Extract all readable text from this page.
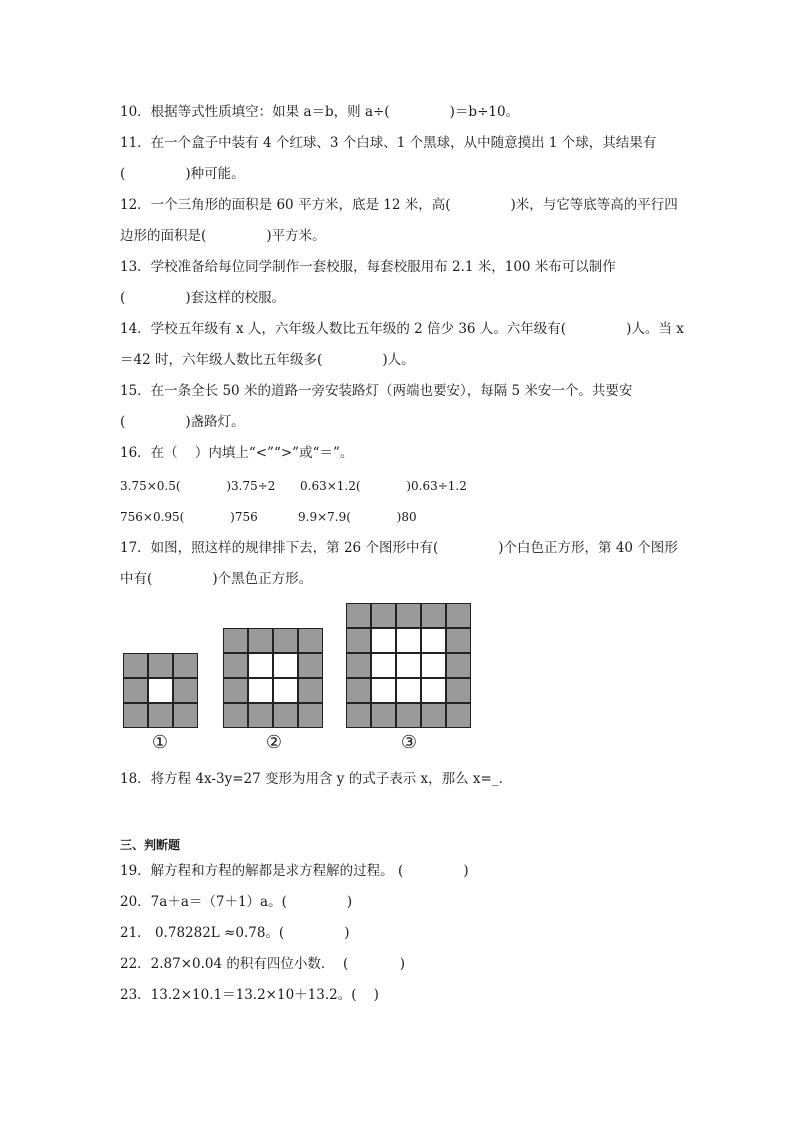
10．根据等式性质填空：如果 a＝b，则 a÷(              )＝b÷10。
11．在一个盒子中装有 4 个红球、3 个白球、1 个黑球，从中随意摸出 1 个球，其结果有
(              )种可能。
12．一个三角形的面积是 60 平方米，底是 12 米，高(              )米，与它等底等高的平行四
边形的面积是(              )平方米。
13．学校准备给每位同学制作一套校服，每套校服用布 2.1 米，100 米布可以制作
(              )套这样的校服。
14．学校五年级有 x 人，六年级人数比五年级的 2 倍少 36 人。六年级有(              )人。当 x
＝42 时，六年级人数比五年级多(              )人。
15．在一条全长 50 米的道路一旁安装路灯（两端也要安），每隔 5 米安一个。共要安
(              )盏路灯。
16．在（    ）内填上“<”“>”或“＝”。
3.75×0.5(            )3.75÷2 0.63×1.2(            )0.63÷1.2
756×0.95(            )756	9.9×7.9(            )80
17．如图，照这样的规律排下去，第 26 个图形中有(              )个白色正方形，第 40 个图形
中有(              )个黑色正方形。
①	②	③
18．将方程 4x-3y=27 变形为用含 y 的式子表示 x，那么 x=_.
三、判断题
19．解方程和方程的解都是求方程解的过程。 (              )
20．7a＋a＝（7＋1）a。(              )
21． 0.78282L ≈0.78。(              )
22．2.87×0.04 的积有四位小数．  (            )
23．13.2×10.1＝13.2×10＋13.2。(    )
